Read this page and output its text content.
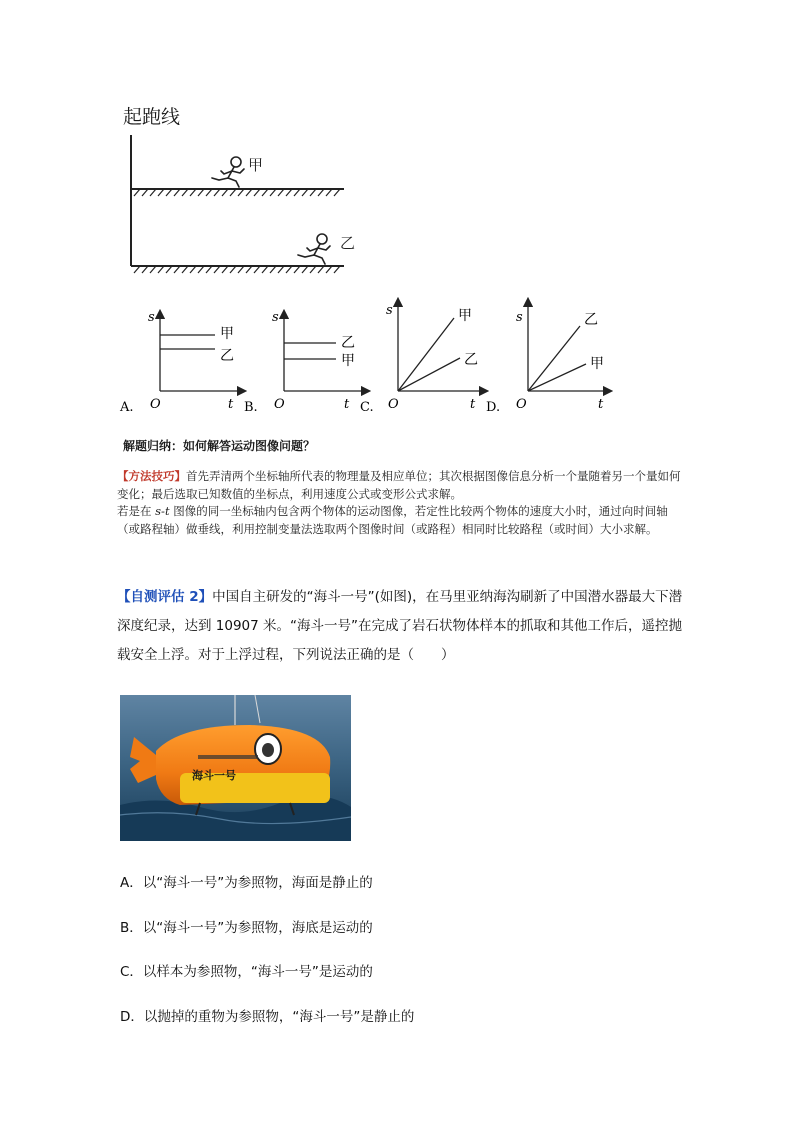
起跑线
甲
乙
A.
s
O	t
甲
乙
B.
s
O	t
乙
甲
C.
s
O	t
甲
乙
D.
s
O	t
乙
甲
解题归纳：如何解答运动图像问题？

【方法技巧】首先弄清两个坐标轴所代表的物理量及相应单位；其次根据图像信息分析一个量随着另一个量如何变化；最后选取已知数值的坐标点，利用速度公式或变形公式求解。

若是在 s-t 图像的同一坐标轴内包含两个物体的运动图像，若定性比较两个物体的速度大小时，通过向时间轴（或路程轴）做垂线，利用控制变量法选取两个图像时间（或路程）相同时比较路程（或时间）大小求解。

【自测评估 2】中国自主研发的“海斗一号”(如图)，在马里亚纳海沟刷新了中国潜水器最大下潜深度纪录，达到 10907 米。“海斗一号”在完成了岩石状物体样本的抓取和其他工作后，遥控抛载安全上浮。对于上浮过程，下列说法正确的是（　　）
海斗一号
A．以“海斗一号”为参照物，海面是静止的
B．以“海斗一号”为参照物，海底是运动的
C．以样本为参照物，“海斗一号”是运动的
D．以抛掉的重物为参照物，“海斗一号”是静止的
